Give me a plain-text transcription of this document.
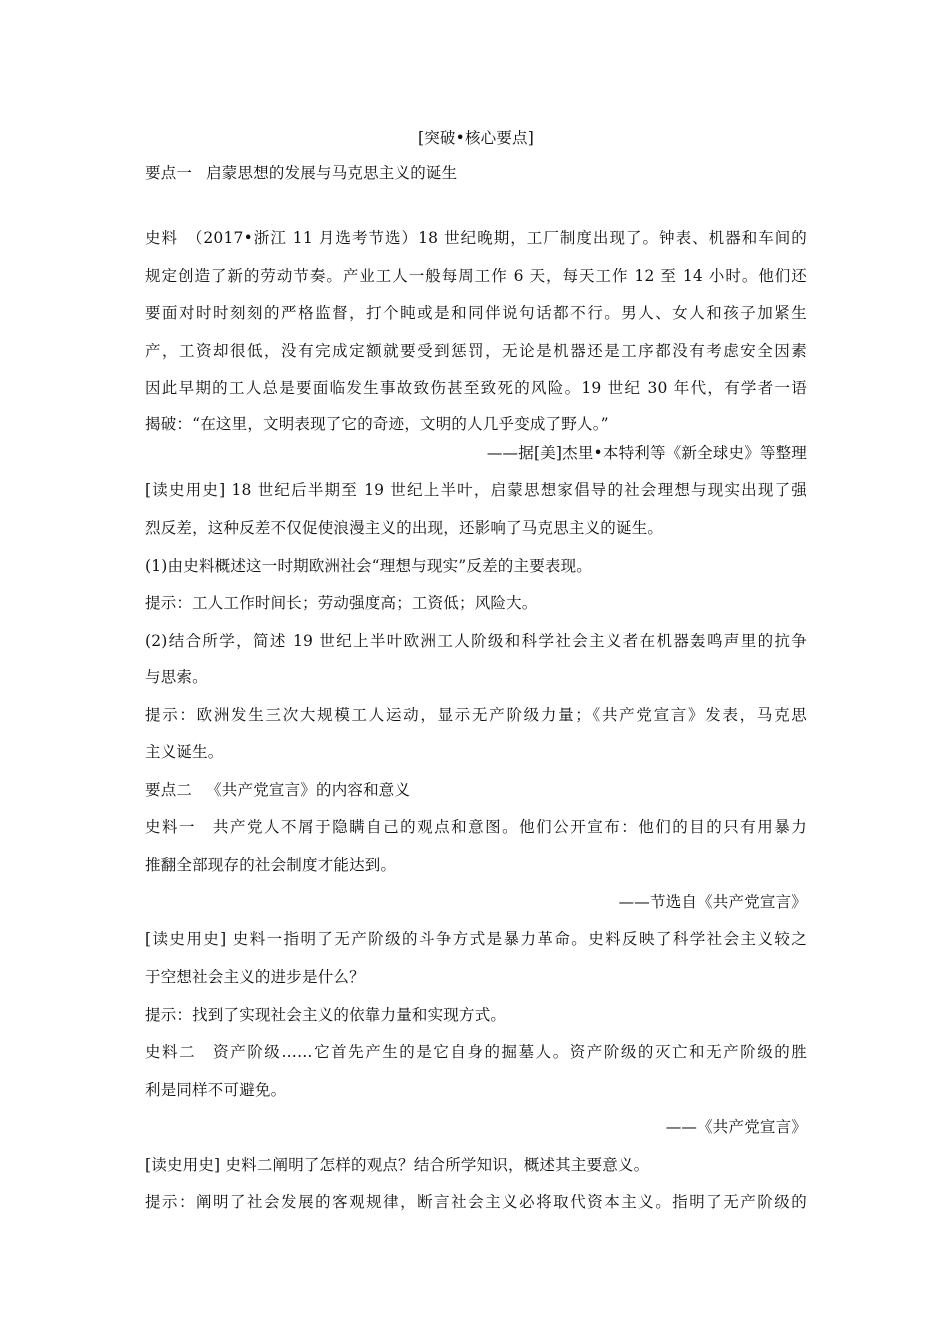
[突破•核心要点]
要点一 启蒙思想的发展与马克思主义的诞生
史料　（2017•浙江 11 月选考节选）18 世纪晚期，工厂制度出现了。钟表、机器和车间的
规定创造了新的劳动节奏。产业工人一般每周工作 6 天，每天工作 12 至 14 小时。他们还
要面对时时刻刻的严格监督，打个盹或是和同伴说句话都不行。男人、女人和孩子加紧生
产，工资却很低，没有完成定额就要受到惩罚，无论是机器还是工序都没有考虑安全因素
因此早期的工人总是要面临发生事故致伤甚至致死的风险。19 世纪 30 年代，有学者一语
揭破：“在这里，文明表现了它的奇迹，文明的人几乎变成了野人。”
——据[美]杰里•本特利等《新全球史》等整理
[读史用史] 18 世纪后半期至 19 世纪上半叶，启蒙思想家倡导的社会理想与现实出现了强
烈反差，这种反差不仅促使浪漫主义的出现，还影响了马克思主义的诞生。
(1)由史料概述这一时期欧洲社会“理想与现实”反差的主要表现。
提示：工人工作时间长；劳动强度高；工资低；风险大。
(2)结合所学，简述 19 世纪上半叶欧洲工人阶级和科学社会主义者在机器轰鸣声里的抗争
与思索。
提示：欧洲发生三次大规模工人运动，显示无产阶级力量；《共产党宣言》发表，马克思
主义诞生。
要点二 《共产党宣言》的内容和意义
史料一　共产党人不屑于隐瞒自己的观点和意图。他们公开宣布：他们的目的只有用暴力
推翻全部现存的社会制度才能达到。
——节选自《共产党宣言》
[读史用史] 史料一指明了无产阶级的斗争方式是暴力革命。史料反映了科学社会主义较之
于空想社会主义的进步是什么？
提示：找到了实现社会主义的依靠力量和实现方式。
史料二　资产阶级……它首先产生的是它自身的掘墓人。资产阶级的灭亡和无产阶级的胜
利是同样不可避免。
——《共产党宣言》
[读史用史] 史料二阐明了怎样的观点？结合所学知识，概述其主要意义。
提示：阐明了社会发展的客观规律，断言社会主义必将取代资本主义。指明了无产阶级的
